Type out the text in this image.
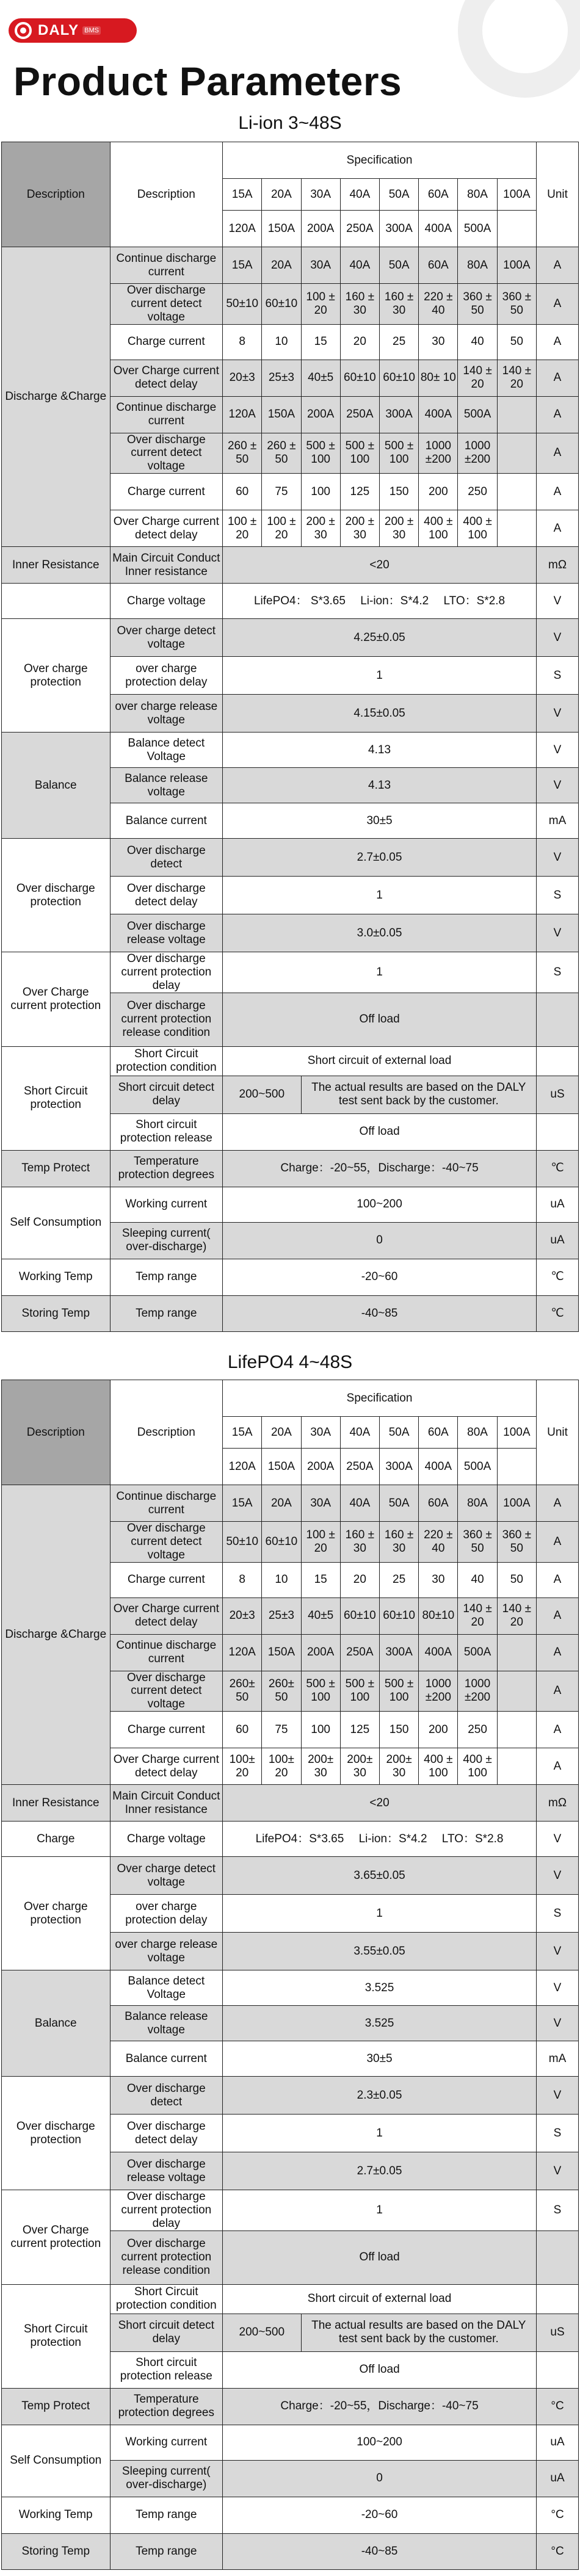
DALY BMS
Product Parameters
Li-ion 3~48S
Description	Description	Specification								Unit
		15A	20A	30A	40A	50A	60A	80A	100A	
		120A	150A	200A	250A	300A	400A	500A		
Discharge &Charge	Continue discharge current	15A	20A	30A	40A	50A	60A	80A	100A	A
	Over discharge current detect voltage	50±10	60±10	100 ± 20	160 ± 30	160 ± 30	220 ± 40	360 ± 50	360 ± 50	A
	Charge current	8	10	15	20	25	30	40	50	A
	Over Charge current detect delay	20±3	25±3	40±5	60±10	60±10	80± 10	140 ± 20	140 ± 20	A
	Continue discharge current	120A	150A	200A	250A	300A	400A	500A		A
	Over discharge current detect voltage	260 ± 50	260 ± 50	500 ± 100	500 ± 100	500 ± 100	1000 ±200	1000 ±200		A
	Charge current	60	75	100	125	150	200	250		A
	Over Charge current detect delay	100 ± 20	100 ± 20	200 ± 30	200 ± 30	200 ± 30	400 ± 100	400 ± 100		A
Inner Resistance	Main Circuit Conduct Inner resistance	<20								mΩ
	Charge voltage	LifePO4： S*3.65　 Li-ion：S*4.2　 LTO：S*2.8								V
Over charge protection	Over charge detect voltage	4.25±0.05								V
	over charge protection delay	1								S
	over charge release voltage	4.15±0.05								V
Balance	Balance detect Voltage	4.13								V
	Balance release voltage	4.13								V
	Balance current	30±5								mA
Over discharge protection	Over discharge detect	2.7±0.05								V
	Over discharge detect delay	1								S
	Over discharge release voltage	3.0±0.05								V
Over Charge current protection	Over discharge current protection delay	1								S
	Over discharge current protection release condition	Off load								
Short Circuit protection	Short Circuit protection condition	Short circuit of external load								
	Short circuit detect delay	200~500		The actual results are based on the DALY test sent back by the customer.						uS
	Short circuit protection release	Off load								
Temp Protect	Temperature protection degrees	Charge：-20~55，Discharge：-40~75								℃
Self Consumption	Working current	100~200								uA
	Sleeping current( over-discharge)	0								uA
Working Temp	Temp range	-20~60								℃
Storing Temp	Temp range	-40~85								℃
LifePO4 4~48S
Description	Description	Specification								Unit
		15A	20A	30A	40A	50A	60A	80A	100A	
		120A	150A	200A	250A	300A	400A	500A		
Discharge &Charge	Continue discharge current	15A	20A	30A	40A	50A	60A	80A	100A	A
	Over discharge current detect voltage	50±10	60±10	100 ± 20	160 ± 30	160 ± 30	220 ± 40	360 ± 50	360 ± 50	A
	Charge current	8	10	15	20	25	30	40	50	A
	Over Charge current detect delay	20±3	25±3	40±5	60±10	60±10	80±10	140 ± 20	140 ± 20	A
	Continue discharge current	120A	150A	200A	250A	300A	400A	500A		A
	Over discharge current detect voltage	260± 50	260± 50	500 ± 100	500 ± 100	500 ± 100	1000 ±200	1000 ±200		A
	Charge current	60	75	100	125	150	200	250		A
	Over Charge current detect delay	100± 20	100± 20	200± 30	200± 30	200± 30	400 ± 100	400 ± 100		A
Inner Resistance	Main Circuit Conduct Inner resistance	<20								mΩ
Charge	Charge voltage	LifePO4：S*3.65　 Li-ion：S*4.2　 LTO：S*2.8								V
Over charge protection	Over charge detect voltage	3.65±0.05								V
	over charge protection delay	1								S
	over charge release voltage	3.55±0.05								V
Balance	Balance detect Voltage	3.525								V
	Balance release voltage	3.525								V
	Balance current	30±5								mA
Over discharge protection	Over discharge detect	2.3±0.05								V
	Over discharge detect delay	1								S
	Over discharge release voltage	2.7±0.05								V
Over Charge current protection	Over discharge current protection delay	1								S
	Over discharge current protection release condition	Off load								
Short Circuit protection	Short Circuit protection condition	Short circuit of external load								
	Short circuit detect delay	200~500		The actual results are based on the DALY test sent back by the customer.						uS
	Short circuit protection release	Off load								
Temp Protect	Temperature protection degrees	Charge：-20~55，Discharge：-40~75								°C
Self Consumption	Working current	100~200								uA
	Sleeping current( over-discharge)	0								uA
Working Temp	Temp range	-20~60								°C
Storing Temp	Temp range	-40~85								°C
